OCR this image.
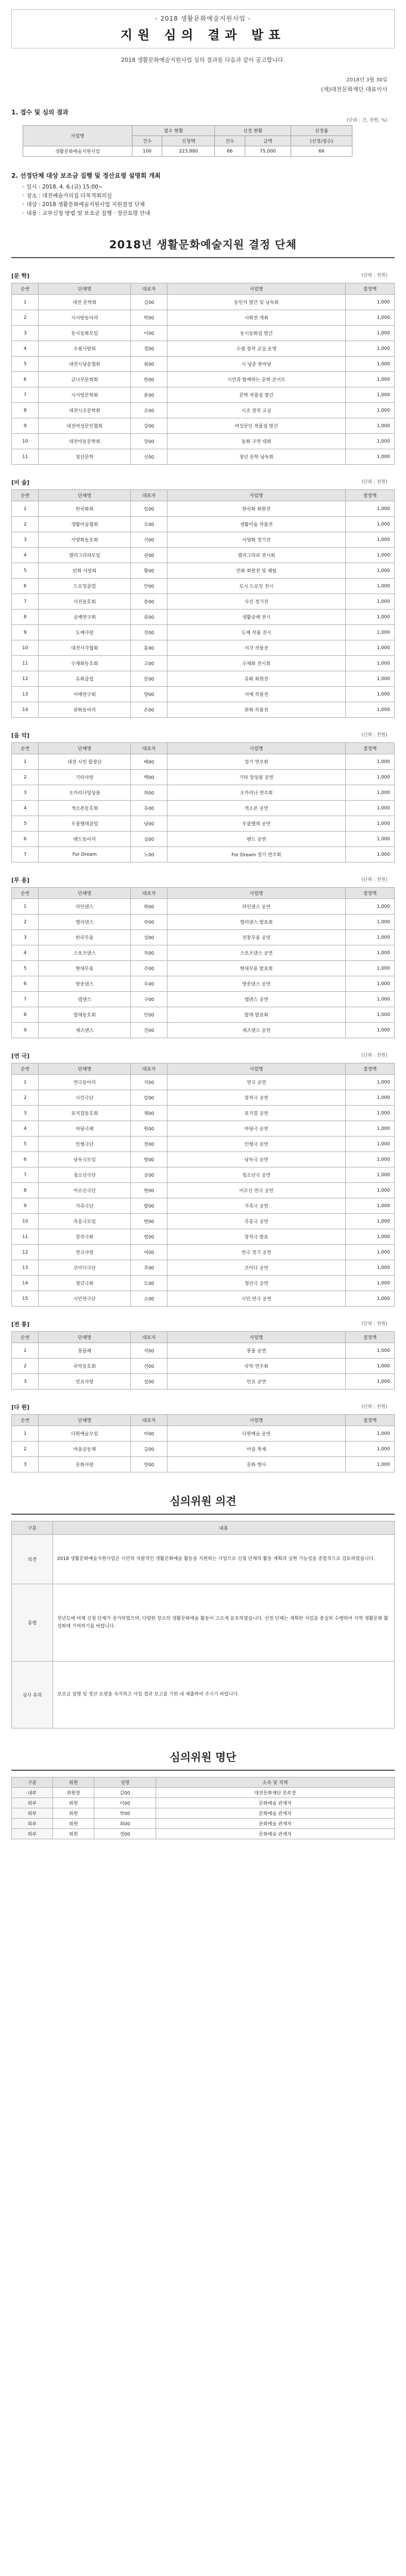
- 2018 생활문화예술지원사업 -
지원 심의 결과 발표
2018 생활문화예술지원사업 심의 결과를 다음과 같이 공고합니다.
2018년 3월 30일
(재)대전문화재단 대표이사
1. 접수 및 심의 결과
(단위 : 건, 천원, %)
사업명	접수 현황		선정 현황		선정률
	건수	신청액	건수	금액	(선정/접수)
생활문화예술지원사업	100	223,880	66	75,000	66
2. 선정단체 대상 보조금 집행 및 정산요령 설명회 개최
◦ 일시 : 2018. 4. 6.(금) 15:00~
◦ 장소 : 대전예술가의집 다목적회의실
◦ 대상 : 2018 생활문화예술지원사업 지원결정 단체
◦ 내용 : 교부신청 방법 및 보조금 집행 · 정산요령 안내
2018년 생활문화예술지원 결정 단체
[문 학]	(단위 : 천원)
순번	단체명	대표자	사업명	결정액
1	대전 문학회	김00	동인지 발간 및 낭독회	1,000
2	시사랑동아리	박00	시화전 개최	1,000
3	동시동화모임	이00	동시동화집 발간	1,000
4	수필사랑회	정00	수필 창작 교실 운영	1,000
5	대전시낭송협회	최00	시 낭송 한마당	1,000
6	글나무문학회	한00	시민과 함께하는 문학 콘서트	1,000
7	시사랑문학회	윤00	문학 작품집 발간	1,000
8	대전시조문학회	조00	시조 창작 교실	1,000
9	대전여성문인협회	강00	여성문인 작품집 발간	1,000
10	대전아동문학회	장00	동화 구연 대회	1,000
11	청년문학	신00	청년 문학 낭독회	1,000
[미 술]	(단위 : 천원)
순번	단체명	대표자	사업명	결정액
1	한국화회	임00	한국화 회원전	1,000
2	생활미술협회	오00	생활미술 작품전	1,000
3	서양화동호회	서00	서양화 정기전	1,000
4	캘리그라피모임	권00	캘리그라피 전시회	1,000
5	민화 사랑회	황00	민화 회원전 및 체험	1,000
6	드로잉클럽	안00	도시 드로잉 전시	1,000
7	사진동호회	송00	사진 정기전	1,000
8	공예연구회	류00	생활공예 전시	1,000
9	도예사랑	전00	도예 작품 전시	1,000
10	대전서각협회	홍00	서각 작품전	1,000
11	수채화동호회	고00	수채화 전시회	1,000
12	유화클럽	문00	유화 회원전	1,000
13	서예연구회	양00	서예 작품전	1,000
14	판화동아리	손00	판화 작품전	1,000
[음 악]	(단위 : 천원)
순번	단체명	대표자	사업명	결정액
1	대전 시민 합창단	배00	정기 연주회	1,000
2	기타사랑	백00	기타 앙상블 공연	1,000
3	오카리나앙상블	허00	오카리나 연주회	1,000
4	색소폰동호회	유00	색소폰 공연	1,000
5	우쿨렐레클럽	남00	우쿨렐레 공연	1,000
6	밴드동아리	심00	밴드 공연	1,000
7	For Dream	노00	For Dream 정기 연주회	1,000
[무 용]	(단위 : 천원)
순번	단체명	대표자	사업명	결정액
1	라인댄스	하00	라인댄스 공연	1,000
2	밸리댄스	곽00	밸리댄스 발표회	1,000
3	한국무용	성00	전통무용 공연	1,000
4	스포츠댄스	차00	스포츠댄스 공연	1,000
5	현대무용	주00	현대무용 발표회	1,000
6	방송댄스	우00	방송댄스 공연	1,000
7	탭댄스	구00	탭댄스 공연	1,000
8	발레동호회	민00	발레 발표회	1,000
9	재즈댄스	진00	재즈댄스 공연	1,000
[연 극]	(단위 : 천원)
순번	단체명	대표자	사업명	결정액
1	연극동아리	지00	연극 공연	1,000
2	시민극단	엄00	창작극 공연	1,000
3	뮤지컬동호회	채00	뮤지컬 공연	1,000
4	마당극패	원00	마당극 공연	1,000
5	인형극단	천00	인형극 공연	1,000
6	낭독극모임	방00	낭독극 공연	1,000
7	청소년극단	공00	청소년극 공연	1,000
8	어르신극단	현00	어르신 연극 공연	1,000
9	가족극단	함00	가족극 공연	1,000
10	즉흥극모임	변00	즉흥극 공연	1,000
11	창작극회	염00	창작극 발표	1,000
12	연극사랑	여00	연극 정기 공연	1,000
13	코미디극단	추00	코미디 공연	1,000
14	청년극회	도00	청년극 공연	1,000
15	시민연극단	소00	시민 연극 공연	1,000
[전 통]	(단위 : 천원)
순번	단체명	대표자	사업명	결정액
1	풍물패	석00	풍물 공연	1,000
2	국악동호회	선00	국악 연주회	1,000
3	민요사랑	설00	민요 공연	1,000
[다 원]	(단위 : 천원)
순번	단체명	대표자	사업명	결정액
1	다원예술모임	마00	다원예술 공연	1,000
2	마을공동체	길00	마을 축제	1,000
3	문화사랑	연00	문화 행사	1,000
심의위원 의견
구분	내용
의견	2018 생활문화예술지원사업은 시민의 자발적인 생활문화예술 활동을 지원하는 사업으로 신청 단체의 활동 계획과 실현 가능성을 종합적으로 검토하였습니다.
총평	전년도에 비해 신청 단체가 증가하였으며, 다양한 장르의 생활문화예술 활동이 고르게 분포하였습니다. 선정 단체는 계획한 사업을 충실히 수행하여 지역 생활문화 활성화에 기여하기를 바랍니다.
심사 유의	보조금 집행 및 정산 요령을 숙지하고 사업 결과 보고를 기한 내 제출하여 주시기 바랍니다.
심의위원 명단
구분	위원	성명	소속 및 직책
내부	위원장	김00	대전문화재단 본부장
외부	위원	이00	문화예술 관계자
외부	위원	박00	문화예술 관계자
외부	위원	최00	문화예술 관계자
외부	위원	정00	문화예술 관계자
